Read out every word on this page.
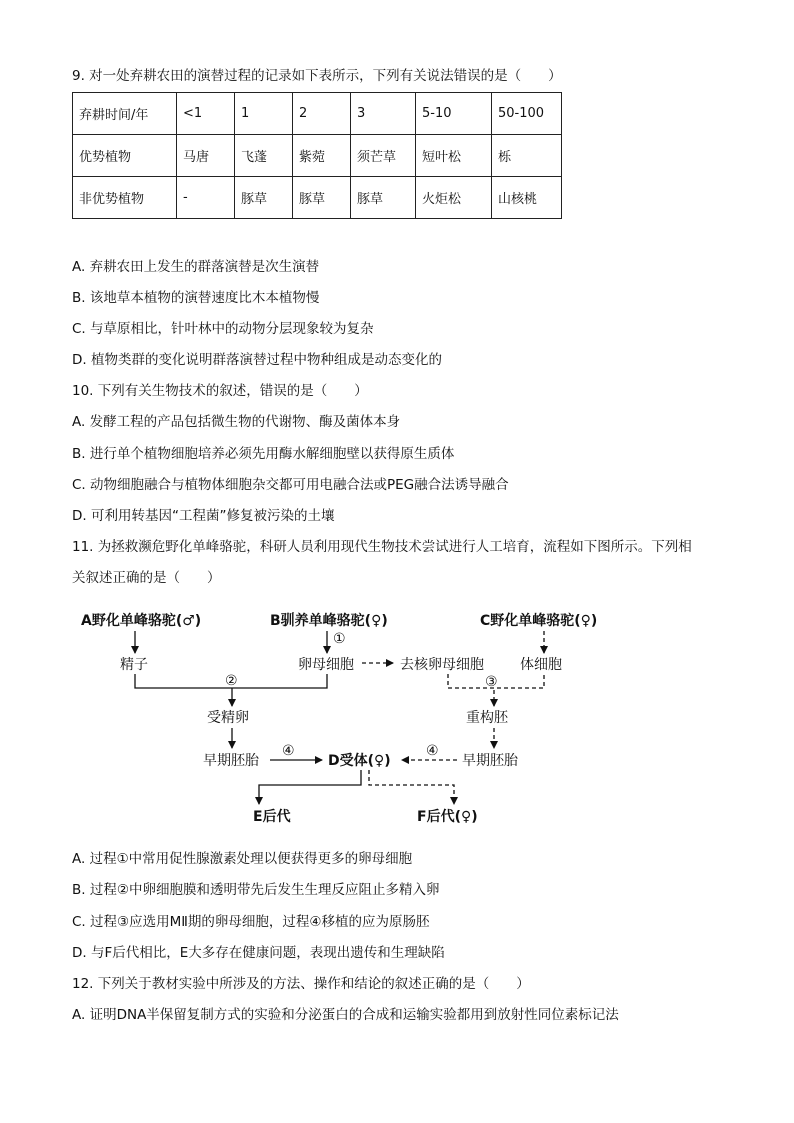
9. 对一处弃耕农田的演替过程的记录如下表所示，下列有关说法错误的是（　　）
弃耕时间/年	<1	1	2	3	5-10	50-100
优势植物	马唐	飞蓬	紫菀	须芒草	短叶松	栎
非优势植物	-	豚草	豚草	豚草	火炬松	山核桃
A. 弃耕农田上发生的群落演替是次生演替
B. 该地草本植物的演替速度比木本植物慢
C. 与草原相比，针叶林中的动物分层现象较为复杂
D. 植物类群的变化说明群落演替过程中物种组成是动态变化的
10. 下列有关生物技术的叙述，错误的是（　　）
A. 发酵工程的产品包括微生物的代谢物、酶及菌体本身
B. 进行单个植物细胞培养必须先用酶水解细胞壁以获得原生质体
C. 动物细胞融合与植物体细胞杂交都可用电融合法或PEG融合法诱导融合
D. 可利用转基因“工程菌”修复被污染的土壤
11. 为拯救濒危野化单峰骆驼，科研人员利用现代生物技术尝试进行人工培育，流程如下图所示。下列相
关叙述正确的是（　　）
A野化单峰骆驼(♂)	B驯养单峰骆驼(♀)	C野化单峰骆驼(♀)
精子	卵母细胞	去核卵母细胞	体细胞
受精卵	重构胚
早期胚胎	早期胚胎
D受体(♀)
E后代	F后代(♀)
①
②	③
④	④
A. 过程①中常用促性腺激素处理以便获得更多的卵母细胞
B. 过程②中卵细胞膜和透明带先后发生生理反应阻止多精入卵
C. 过程③应选用MⅡ期的卵母细胞，过程④移植的应为原肠胚
D. 与F后代相比，E大多存在健康问题，表现出遗传和生理缺陷
12. 下列关于教材实验中所涉及的方法、操作和结论的叙述正确的是（　　）
A. 证明DNA半保留复制方式的实验和分泌蛋白的合成和运输实验都用到放射性同位素标记法
